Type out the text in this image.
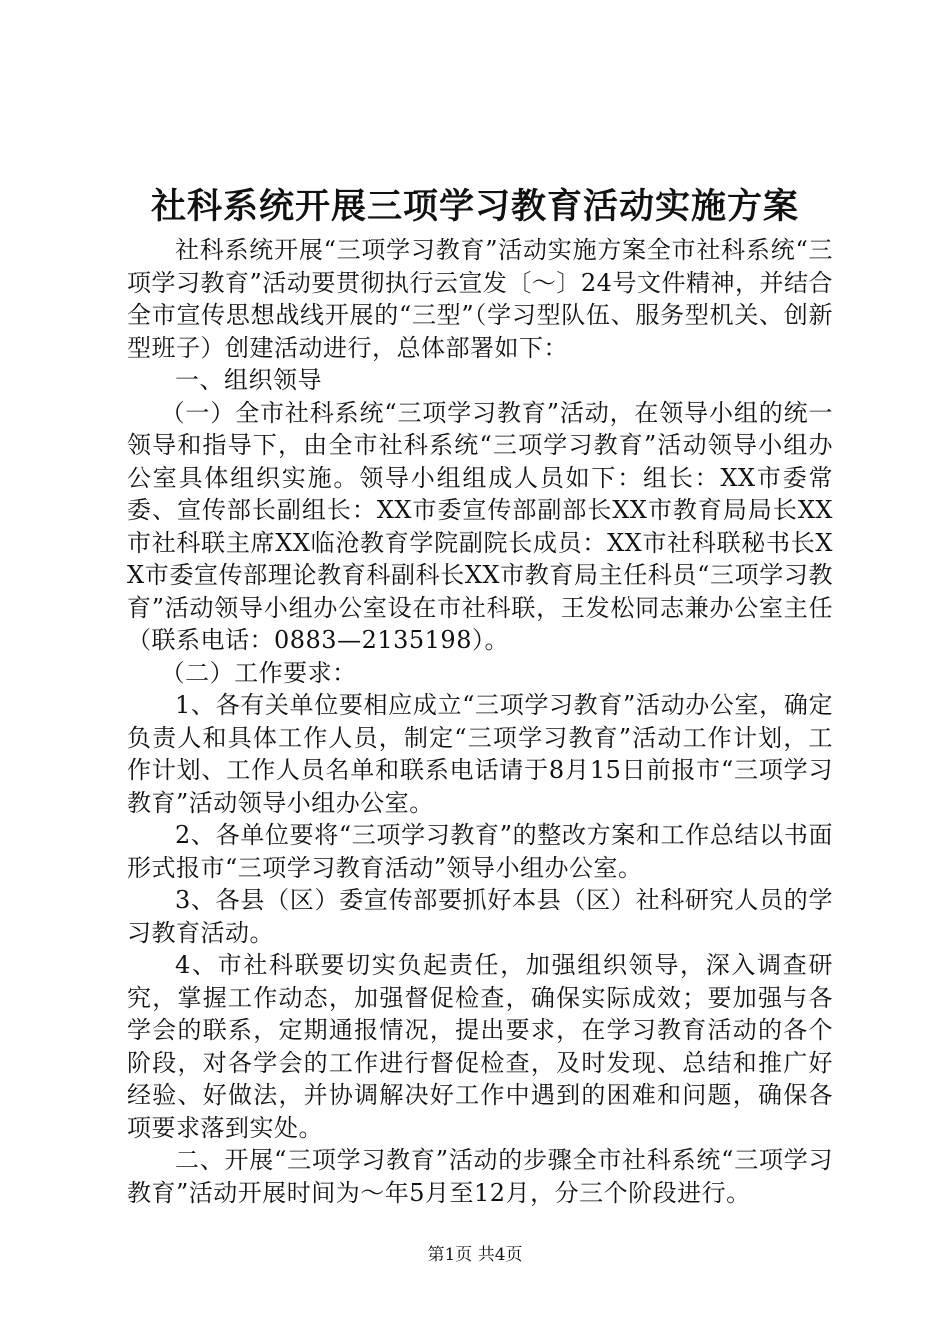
社科系统开展三项学习教育活动实施方案

社科系统开展“三项学习教育”活动实施方案全市社科系统“三项学习教育”活动要贯彻执行云宣发〔～〕24号文件精神，并结合全市宣传思想战线开展的“三型”（学习型队伍、服务型机关、创新型班子）创建活动进行，总体部署如下：

一、组织领导

（一）全市社科系统“三项学习教育”活动，在领导小组的统一领导和指导下，由全市社科系统“三项学习教育”活动领导小组办公室具体组织实施。领导小组组成人员如下：组长：XX市委常委、宣传部长副组长：XX市委宣传部副部长XX市教育局局长XX市社科联主席XX临沧教育学院副院长成员：XX市社科联秘书长XX市委宣传部理论教育科副科长XX市教育局主任科员“三项学习教育”活动领导小组办公室设在市社科联，王发松同志兼办公室主任（联系电话：0883—2135198）。

（二）工作要求：

1、各有关单位要相应成立“三项学习教育”活动办公室，确定负责人和具体工作人员，制定“三项学习教育”活动工作计划，工作计划、工作人员名单和联系电话请于8月15日前报市“三项学习教育”活动领导小组办公室。

2、各单位要将“三项学习教育”的整改方案和工作总结以书面形式报市“三项学习教育活动”领导小组办公室。

3、各县（区）委宣传部要抓好本县（区）社科研究人员的学习教育活动。

4、市社科联要切实负起责任，加强组织领导，深入调查研究，掌握工作动态，加强督促检查，确保实际成效；要加强与各学会的联系，定期通报情况，提出要求，在学习教育活动的各个阶段，对各学会的工作进行督促检查，及时发现、总结和推广好经验、好做法，并协调解决好工作中遇到的困难和问题，确保各项要求落到实处。

二、开展“三项学习教育”活动的步骤全市社科系统“三项学习教育”活动开展时间为～年5月至12月，分三个阶段进行。

第1页 共4页
